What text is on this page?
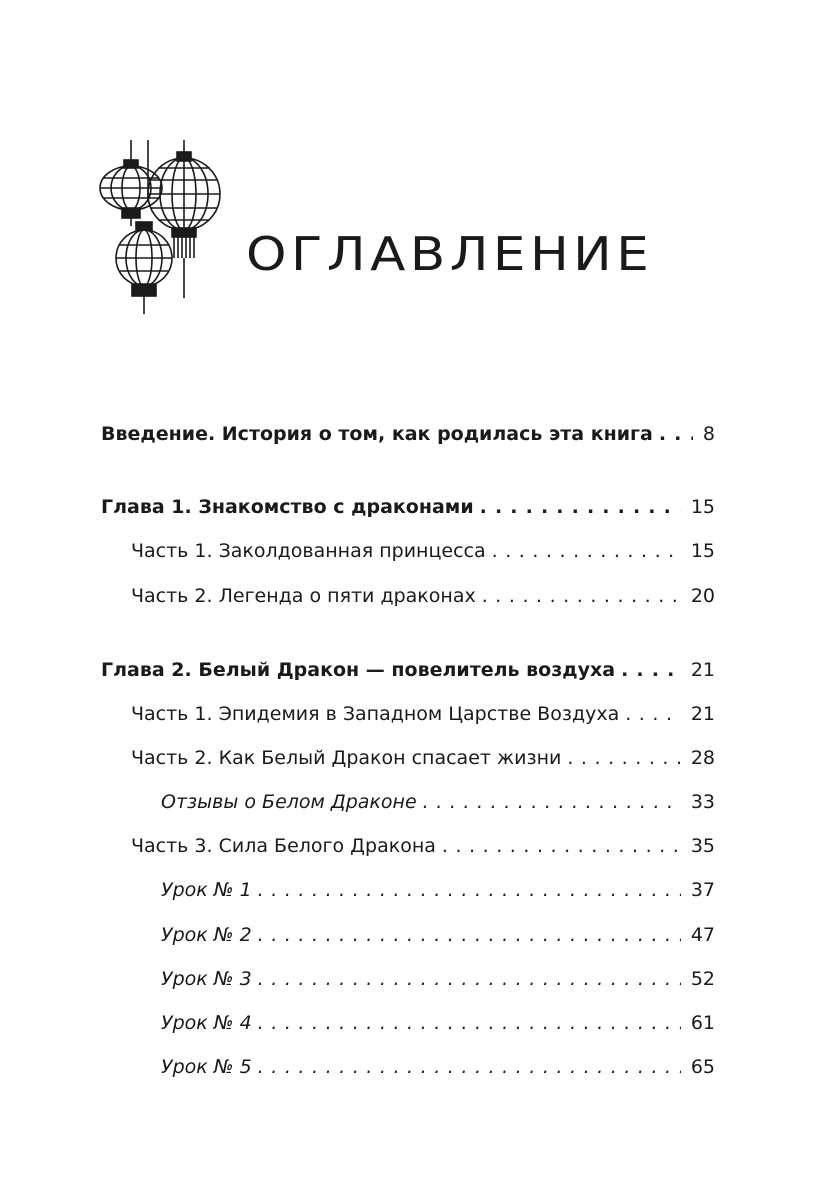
ОГЛАВЛЕНИЕ
Введение. История о том, как родилась эта книга . . .	8
Глава 1. Знакомство с драконами . . .	15
Часть 1. Заколдованная принцесса . . .	15
Часть 2. Легенда о пяти драконах . . .	20
Глава 2. Белый Дракон — повелитель воздуха . . .	21
Часть 1. Эпидемия в Западном Царстве Воздуха . . .	21
Часть 2. Как Белый Дракон спасает жизни . . .	28
Отзывы о Белом Драконе . . .	33
Часть 3. Сила Белого Дракона . . .	35
Урок № 1 . . .	37
Урок № 2 . . .	47
Урок № 3 . . .	52
Урок № 4 . . .	61
Урок № 5 . . .	65
